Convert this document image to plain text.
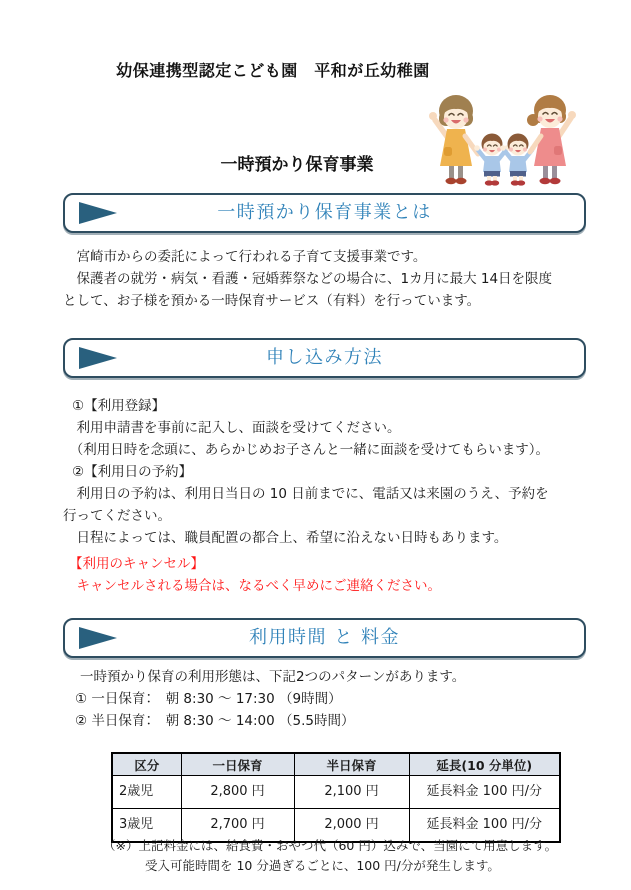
幼保連携型認定こども園　平和が丘幼稚園
一時預かり保育事業
一時預かり保育事業とは
　宮崎市からの委託によって行われる子育て支援事業です。
　保護者の就労・病気・看護・冠婚葬祭などの場合に、1カ月に最大 14日を限度
として、お子様を預かる一時保育サービス（有料）を行っています。
申し込み方法
①【利用登録】
　利用申請書を事前に記入し、面談を受けてください。
　（利用日時を念頭に、あらかじめお子さんと一緒に面談を受けてもらいます）。
②【利用日の予約】
　利用日の予約は、利用日当日の 10 日前までに、電話又は来園のうえ、予約を
行ってください。
　日程によっては、職員配置の都合上、希望に沿えない日時もあります。
【利用のキャンセル】
　キャンセルされる場合は、なるべく早めにご連絡ください。
利用時間 と 料金
一時預かり保育の利用形態は、下記2つのパターンがあります。
① 一日保育：　朝 8:30 ～ 17:30 （9時間）
② 半日保育：　朝 8:30 ～ 14:00 （5.5時間）
区分	一日保育	半日保育	延長(10 分単位)
2歳児	2,800 円	2,100 円	延長料金 100 円/分
3歳児	2,700 円	2,000 円	延長料金 100 円/分
（※）上記料金には、給食費・おやつ代（60 円）込みで、当園にて用意します。
受入可能時間を 10 分過ぎるごとに、100 円/分が発生します。
